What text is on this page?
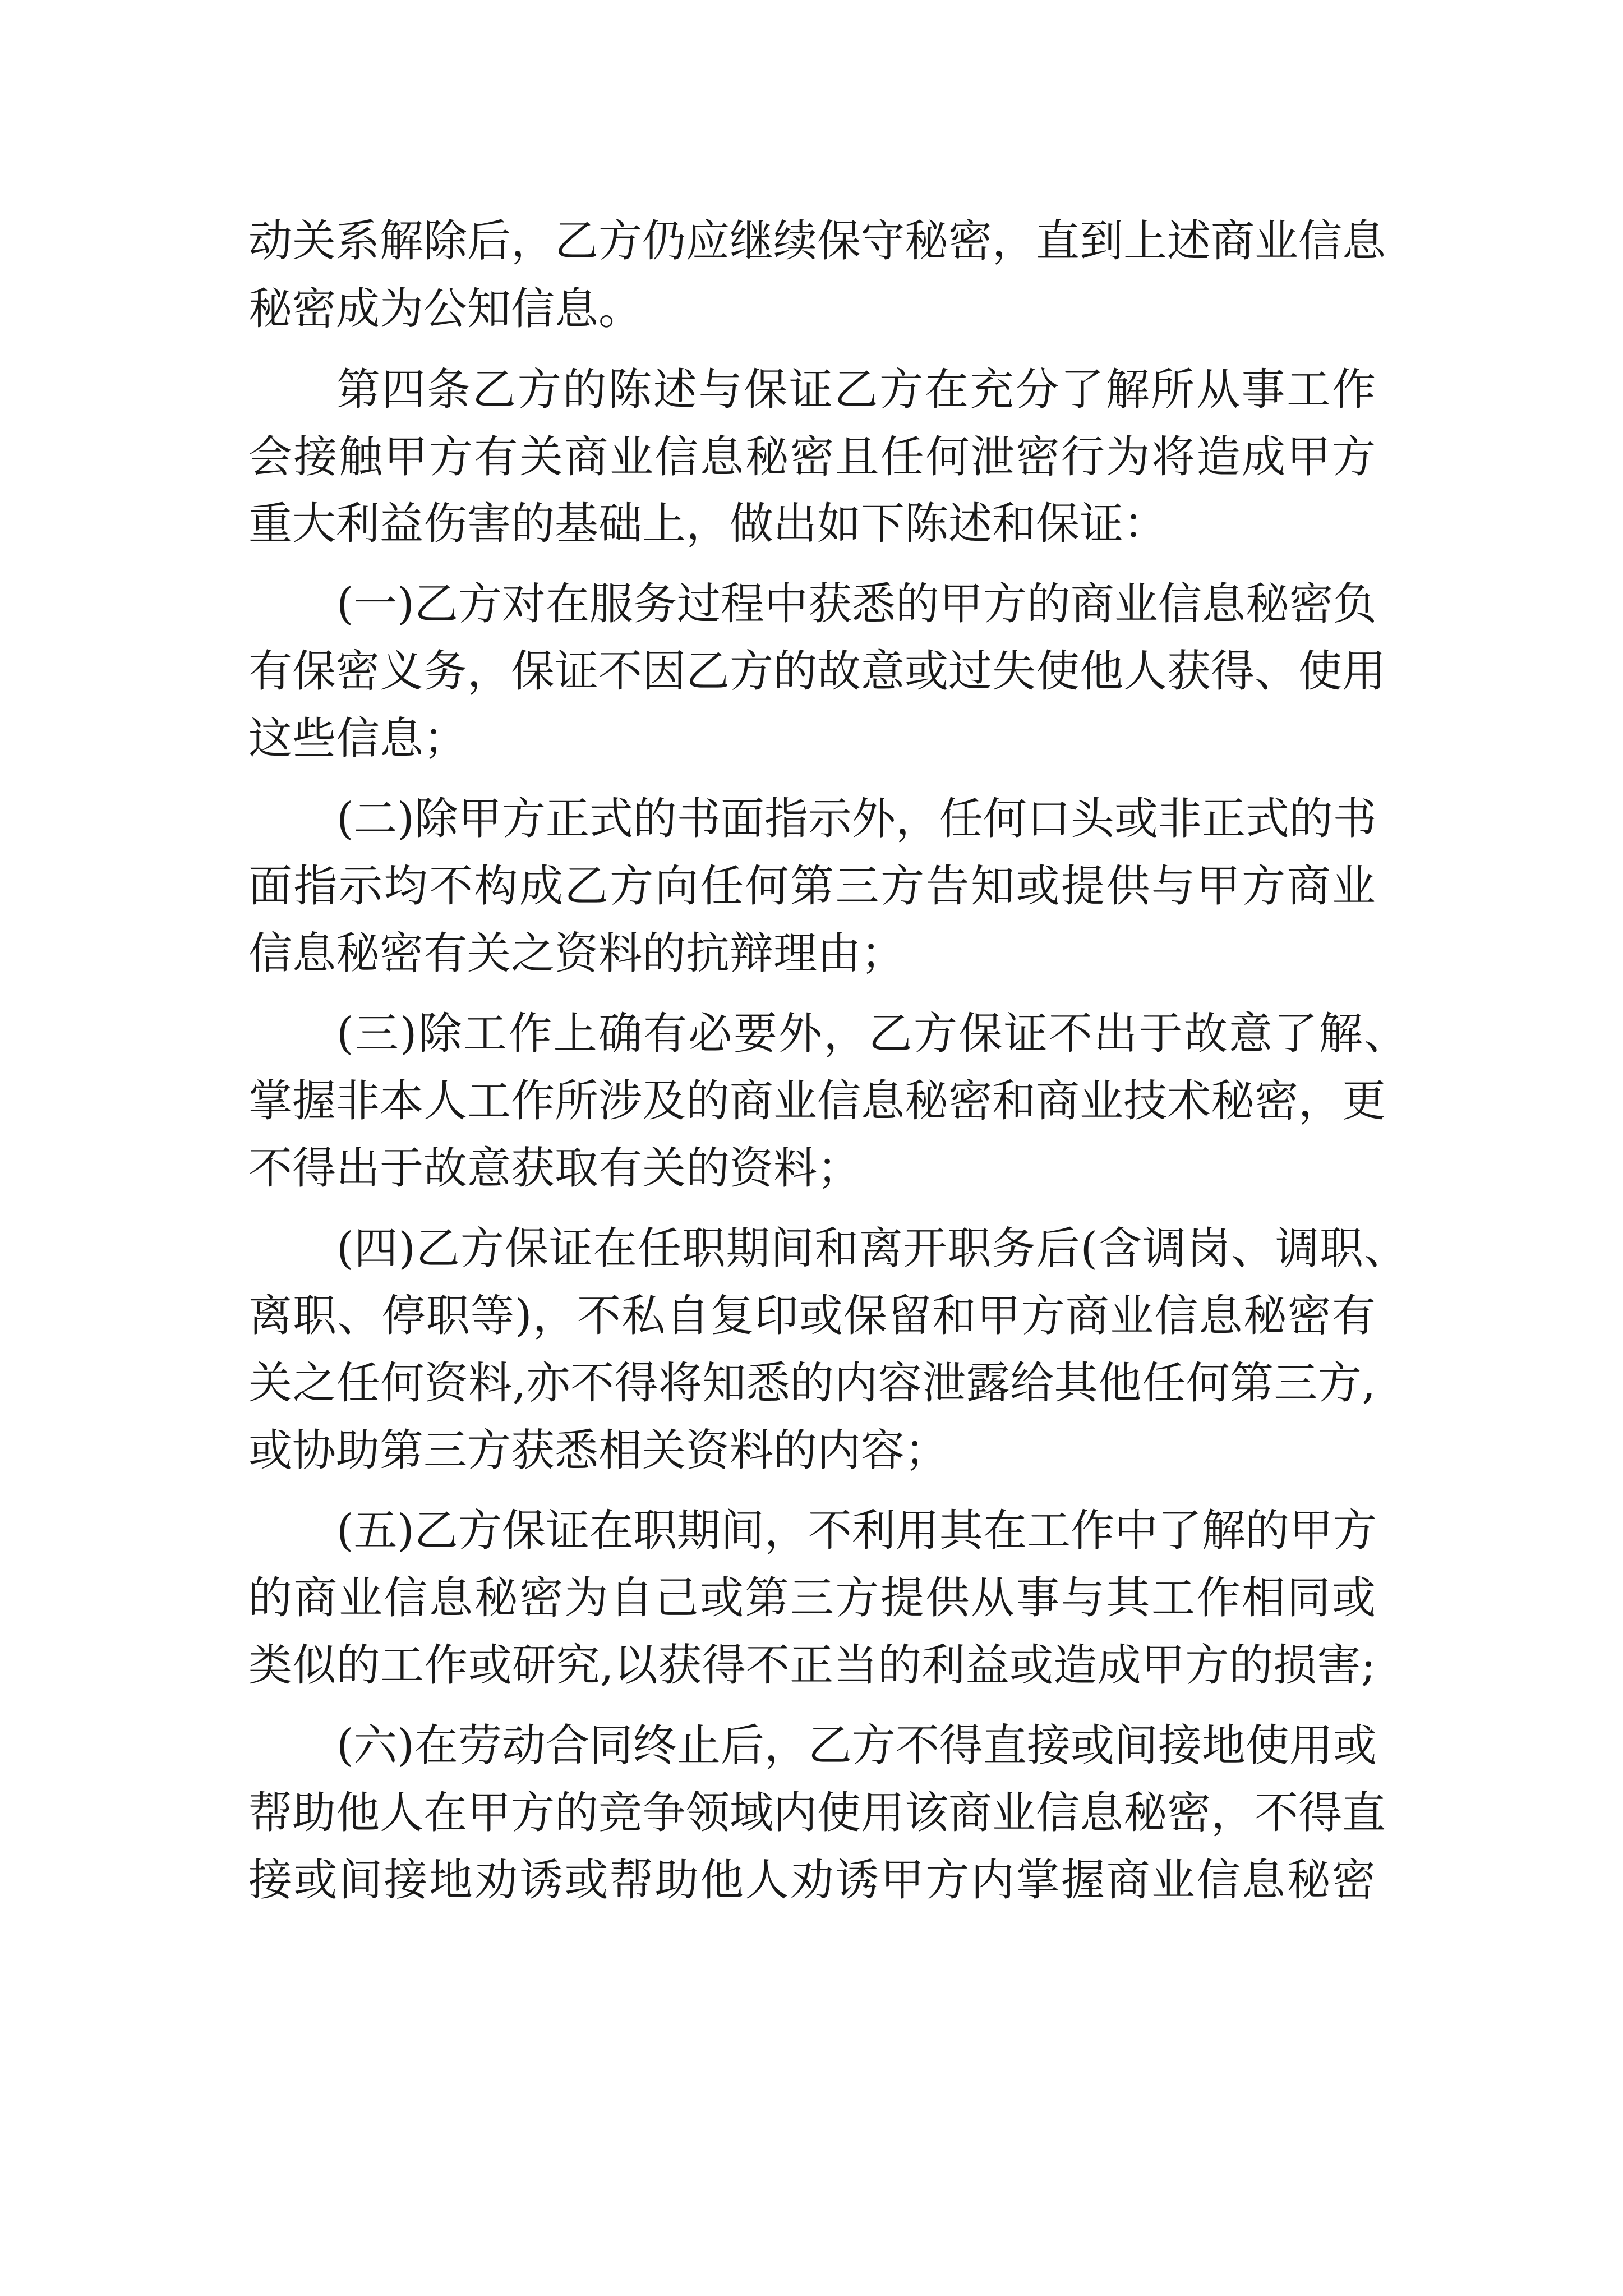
动关系解除后，乙方仍应继续保守秘密，直到上述商业信息
秘密成为公知信息。
第四条乙方的陈述与保证乙方在充分了解所从事工作
会接触甲方有关商业信息秘密且任何泄密行为将造成甲方
重大利益伤害的基础上，做出如下陈述和保证：
(一)乙方对在服务过程中获悉的甲方的商业信息秘密负
有保密义务，保证不因乙方的故意或过失使他人获得、使用
这些信息；
(二)除甲方正式的书面指示外，任何口头或非正式的书
面指示均不构成乙方向任何第三方告知或提供与甲方商业
信息秘密有关之资料的抗辩理由；
(三)除工作上确有必要外，乙方保证不出于故意了解、
掌握非本人工作所涉及的商业信息秘密和商业技术秘密，更
不得出于故意获取有关的资料；
(四)乙方保证在任职期间和离开职务后(含调岗、调职、
离职、停职等)，不私自复印或保留和甲方商业信息秘密有
关之任何资料,亦不得将知悉的内容泄露给其他任何第三方,
或协助第三方获悉相关资料的内容；
(五)乙方保证在职期间，不利用其在工作中了解的甲方
的商业信息秘密为自己或第三方提供从事与其工作相同或
类似的工作或研究,以获得不正当的利益或造成甲方的损害;
(六)在劳动合同终止后，乙方不得直接或间接地使用或
帮助他人在甲方的竞争领域内使用该商业信息秘密，不得直
接或间接地劝诱或帮助他人劝诱甲方内掌握商业信息秘密
